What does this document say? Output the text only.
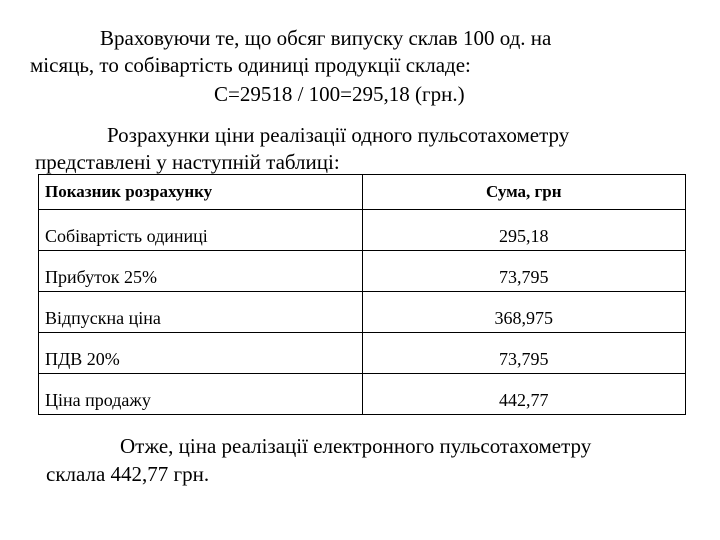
Враховуючи те, що обсяг випуску склав 100 од. на
місяць, то собівартість одиниці продукції складе:
С=29518 / 100=295,18 (грн.)
Розрахунки ціни реалізації одного пульсотахометру
представлені у наступній таблиці:
Показник розрахунку	Сума, грн
Собівартість одиниці	295,18
Прибуток 25%	73,795
Відпускна ціна	368,975
ПДВ 20%	73,795
Ціна продажу	442,77
Отже, ціна реалізації електронного пульсотахометру
склала 442,77 грн.
